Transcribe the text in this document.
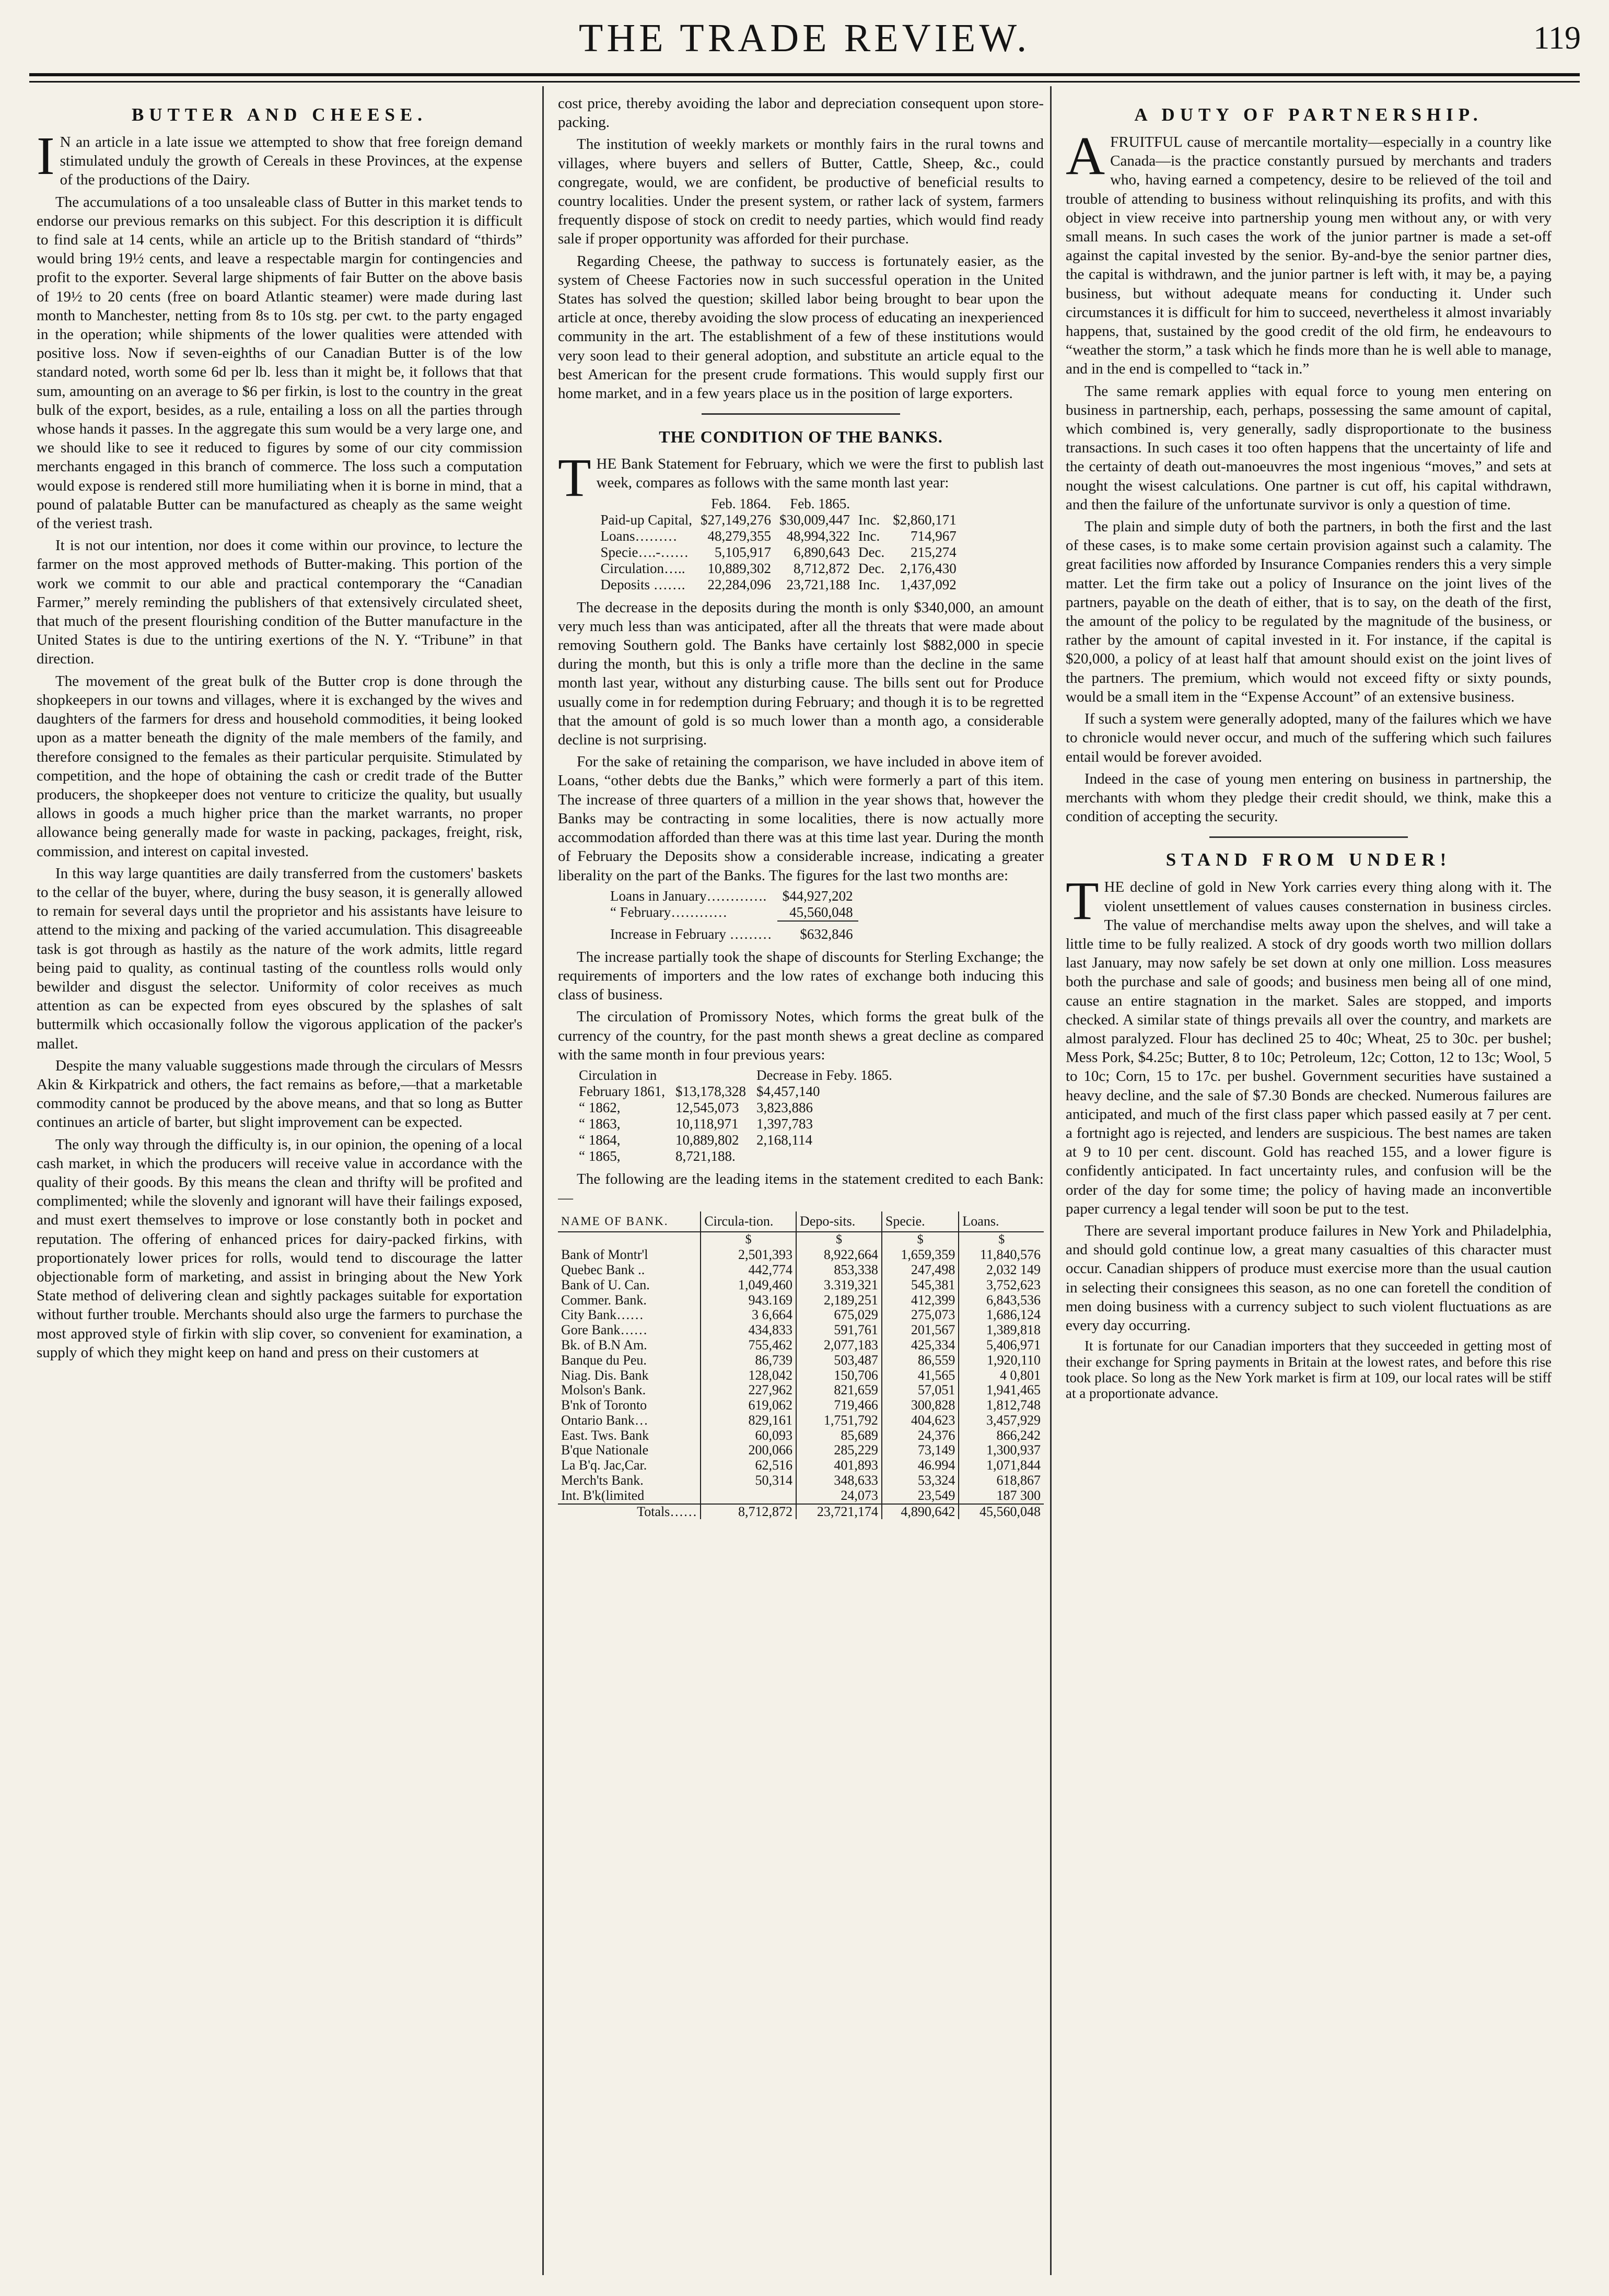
THE TRADE REVIEW.	119
BUTTER AND CHEESE.

I N an article in a late issue we attempted to show that free foreign demand stimulated unduly the growth of Cereals in these Provinces, at the expense of the productions of the Dairy.

The accumulations of a too unsaleable class of Butter in this market tends to endorse our previous remarks on this subject. For this description it is difficult to find sale at 14 cents, while an article up to the British standard of “thirds” would bring 19½ cents, and leave a respectable margin for contingencies and profit to the exporter. Several large shipments of fair Butter on the above basis of 19½ to 20 cents (free on board Atlantic steamer) were made during last month to Manchester, netting from 8s to 10s stg. per cwt. to the party engaged in the operation; while shipments of the lower qualities were attended with positive loss. Now if seven-eighths of our Canadian Butter is of the low standard noted, worth some 6d per lb. less than it might be, it follows that that sum, amounting on an average to $6 per firkin, is lost to the country in the great bulk of the export, besides, as a rule, entailing a loss on all the parties through whose hands it passes. In the aggregate this sum would be a very large one, and we should like to see it reduced to figures by some of our city commission merchants engaged in this branch of commerce. The loss such a computation would expose is rendered still more humiliating when it is borne in mind, that a pound of palatable Butter can be manufactured as cheaply as the same weight of the veriest trash.

It is not our intention, nor does it come within our province, to lecture the farmer on the most approved methods of Butter-making. This portion of the work we commit to our able and practical contemporary the “Canadian Farmer,” merely reminding the publishers of that extensively circulated sheet, that much of the present flourishing condition of the Butter manufacture in the United States is due to the untiring exertions of the N. Y. “Tribune” in that direction.

The movement of the great bulk of the Butter crop is done through the shopkeepers in our towns and villages, where it is exchanged by the wives and daughters of the farmers for dress and household commodities, it being looked upon as a matter beneath the dignity of the male members of the family, and therefore consigned to the females as their particular perquisite. Stimulated by competition, and the hope of obtaining the cash or credit trade of the Butter producers, the shopkeeper does not venture to criticize the quality, but usually allows in goods a much higher price than the market warrants, no proper allowance being generally made for waste in packing, packages, freight, risk, commission, and interest on capital invested.

In this way large quantities are daily transferred from the customers' baskets to the cellar of the buyer, where, during the busy season, it is generally allowed to remain for several days until the proprietor and his assistants have leisure to attend to the mixing and packing of the varied accumulation. This disagreeable task is got through as hastily as the nature of the work admits, little regard being paid to quality, as continual tasting of the countless rolls would only bewilder and disgust the selector. Uniformity of color receives as much attention as can be expected from eyes obscured by the splashes of salt buttermilk which occasionally follow the vigorous application of the packer's mallet.

Despite the many valuable suggestions made through the circulars of Messrs Akin & Kirkpatrick and others, the fact remains as before,—that a marketable commodity cannot be produced by the above means, and that so long as Butter continues an article of barter, but slight improvement can be expected.

The only way through the difficulty is, in our opinion, the opening of a local cash market, in which the producers will receive value in accordance with the quality of their goods. By this means the clean and thrifty will be profited and complimented; while the slovenly and ignorant will have their failings exposed, and must exert themselves to improve or lose constantly both in pocket and reputation. The offering of enhanced prices for dairy-packed firkins, with proportionately lower prices for rolls, would tend to discourage the latter objectionable form of marketing, and assist in bringing about the New York State method of delivering clean and sightly packages suitable for exportation without further trouble. Merchants should also urge the farmers to purchase the most approved style of firkin with slip cover, so convenient for examination, a supply of which they might keep on hand and press on their customers at

cost price, thereby avoiding the labor and depreciation consequent upon store-packing.

The institution of weekly markets or monthly fairs in the rural towns and villages, where buyers and sellers of Butter, Cattle, Sheep, &c., could congregate, would, we are confident, be productive of beneficial results to country localities. Under the present system, or rather lack of system, farmers frequently dispose of stock on credit to needy parties, which would find ready sale if proper opportunity was afforded for their purchase.

Regarding Cheese, the pathway to success is fortunately easier, as the system of Cheese Factories now in such successful operation in the United States has solved the question; skilled labor being brought to bear upon the article at once, thereby avoiding the slow process of educating an inexperienced community in the art. The establishment of a few of these institutions would very soon lead to their general adoption, and substitute an article equal to the best American for the present crude formations. This would supply first our home market, and in a few years place us in the position of large exporters.

THE CONDITION OF THE BANKS.

THE Bank Statement for February, which we were the first to publish last week, compares as follows with the same month last year:

	Feb. 1864.	Feb. 1865.		
Paid-up Capital,	$27,149,276	$30,009,447	Inc.	$2,860,171
Loans………	48,279,355	48,994,322	Inc.	714,967
Specie….-……	5,105,917	6,890,643	Dec.	215,274
Circulation…..	10,889,302	8,712,872	Dec.	2,176,430
Deposits …….	22,284,096	23,721,188	Inc.	1,437,092

The decrease in the deposits during the month is only $340,000, an amount very much less than was anticipated, after all the threats that were made about removing Southern gold. The Banks have certainly lost $882,000 in specie during the month, but this is only a trifle more than the decline in the same month last year, without any disturbing cause. The bills sent out for Produce usually come in for redemption during February; and though it is to be regretted that the amount of gold is so much lower than a month ago, a considerable decline is not surprising.

For the sake of retaining the comparison, we have included in above item of Loans, “other debts due the Banks,” which were formerly a part of this item. The increase of three quarters of a million in the year shows that, however the Banks may be contracting in some localities, there is now actually more accommodation afforded than there was at this time last year. During the month of February the Deposits show a considerable increase, indicating a greater liberality on the part of the Banks. The figures for the last two months are:

Loans in January………….	$44,927,202
“ February…………	45,560,048

Increase in February ………	$632,846

The increase partially took the shape of discounts for Sterling Exchange; the requirements of importers and the low rates of exchange both inducing this class of business.

The circulation of Promissory Notes, which forms the great bulk of the currency of the country, for the past month shews a great decline as compared with the same month in four previous years:

Circulation in		Decrease in Feby. 1865.
February 1861,	$13,178,328	$4,457,140
“ 1862,	12,545,073	3,823,886
“ 1863,	10,118,971	1,397,783
“ 1864,	10,889,802	2,168,114
“ 1865,	8,721,188.	

The following are the leading items in the statement credited to each Bank:—

NAME OF BANK.	Circula-tion.	Depo-sits.	Specie.	Loans.
	$	$	$	$
Bank of Montr'l	2,501,393	8,922,664	1,659,359	11,840,576
Quebec Bank ..	442,774	853,338	247,498	2,032 149
Bank of U. Can.	1,049,460	3.319,321	545,381	3,752,623
Commer. Bank.	943.169	2,189,251	412,399	6,843,536
City Bank……	3 6,664	675,029	275,073	1,686,124
Gore Bank……	434,833	591,761	201,567	1,389,818
Bk. of B.N Am.	755,462	2,077,183	425,334	5,406,971
Banque du Peu.	86,739	503,487	86,559	1,920,110
Niag. Dis. Bank	128,042	150,706	41,565	4 0,801
Molson's Bank.	227,962	821,659	57,051	1,941,465
B'nk of Toronto	619,062	719,466	300,828	1,812,748
Ontario Bank…	829,161	1,751,792	404,623	3,457,929
East. Tws. Bank	60,093	85,689	24,376	866,242
B'que Nationale	200,066	285,229	73,149	1,300,937
La B'q. Jac,Car.	62,516	401,893	46.994	1,071,844
Merch'ts Bank.	50,314	348,633	53,324	618,867
Int. B'k(limited		24,073	23,549	187 300
Totals……	8,712,872	23,721,174	4,890,642	45,560,048
A DUTY OF PARTNERSHIP.

AFRUITFUL cause of mercantile mortality—especially in a country like Canada—is the practice constantly pursued by merchants and traders who, having earned a competency, desire to be relieved of the toil and trouble of attending to business without relinquishing its profits, and with this object in view receive into partnership young men without any, or with very small means. In such cases the work of the junior partner is made a set-off against the capital invested by the senior. By-and-bye the senior partner dies, the capital is withdrawn, and the junior partner is left with, it may be, a paying business, but without adequate means for conducting it. Under such circumstances it is difficult for him to succeed, nevertheless it almost invariably happens, that, sustained by the good credit of the old firm, he endeavours to “weather the storm,” a task which he finds more than he is well able to manage, and in the end is compelled to “tack in.”

The same remark applies with equal force to young men entering on business in partnership, each, perhaps, possessing the same amount of capital, which combined is, very generally, sadly disproportionate to the business transactions. In such cases it too often happens that the uncertainty of life and the certainty of death out-manoeuvres the most ingenious “moves,” and sets at nought the wisest calculations. One partner is cut off, his capital withdrawn, and then the failure of the unfortunate survivor is only a question of time.

The plain and simple duty of both the partners, in both the first and the last of these cases, is to make some certain provision against such a calamity. The great facilities now afforded by Insurance Companies renders this a very simple matter. Let the firm take out a policy of Insurance on the joint lives of the partners, payable on the death of either, that is to say, on the death of the first, the amount of the policy to be regulated by the magnitude of the business, or rather by the amount of capital invested in it. For instance, if the capital is $20,000, a policy of at least half that amount should exist on the joint lives of the partners. The premium, which would not exceed fifty or sixty pounds, would be a small item in the “Expense Account” of an extensive business.

If such a system were generally adopted, many of the failures which we have to chronicle would never occur, and much of the suffering which such failures entail would be forever avoided.

Indeed in the case of young men entering on business in partnership, the merchants with whom they pledge their credit should, we think, make this a condition of accepting the security.

STAND FROM UNDER!

THE decline of gold in New York carries every thing along with it. The violent unsettlement of values causes consternation in business circles. The value of merchandise melts away upon the shelves, and will take a little time to be fully realized. A stock of dry goods worth two million dollars last January, may now safely be set down at only one million. Loss measures both the purchase and sale of goods; and business men being all of one mind, cause an entire stagnation in the market. Sales are stopped, and imports checked. A similar state of things prevails all over the country, and markets are almost paralyzed. Flour has declined 25 to 40c; Wheat, 25 to 30c. per bushel; Mess Pork, $4.25c; Butter, 8 to 10c; Petroleum, 12c; Cotton, 12 to 13c; Wool, 5 to 10c; Corn, 15 to 17c. per bushel. Government securities have sustained a heavy decline, and the sale of $7.30 Bonds are checked. Numerous failures are anticipated, and much of the first class paper which passed easily at 7 per cent. a fortnight ago is rejected, and lenders are suspicious. The best names are taken at 9 to 10 per cent. discount. Gold has reached 155, and a lower figure is confidently anticipated. In fact uncertainty rules, and confusion will be the order of the day for some time; the policy of having made an inconvertible paper currency a legal tender will soon be put to the test.

There are several important produce failures in New York and Philadelphia, and should gold continue low, a great many casualties of this character must occur. Canadian shippers of produce must exercise more than the usual caution in selecting their consignees this season, as no one can foretell the condition of men doing business with a currency subject to such violent fluctuations as are every day occurring.

It is fortunate for our Canadian importers that they succeeded in getting most of their exchange for Spring payments in Britain at the lowest rates, and before this rise took place. So long as the New York market is firm at 109, our local rates will be stiff at a proportionate advance.
